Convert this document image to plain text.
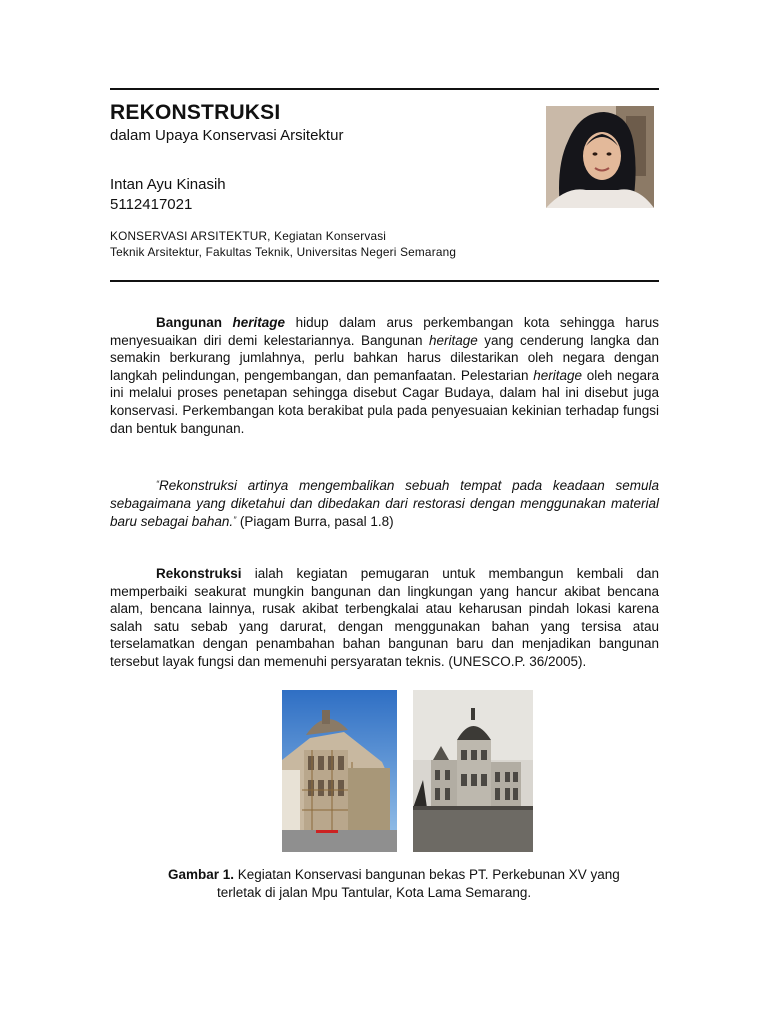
REKONSTRUKSI
dalam Upaya Konservasi Arsitektur
Intan Ayu Kinasih
5112417021
KONSERVASI ARSITEKTUR, Kegiatan Konservasi
Teknik Arsitektur, Fakultas Teknik, Universitas Negeri Semarang
Bangunan heritage hidup dalam arus perkembangan kota sehingga harus menyesuaikan diri demi kelestariannya. Bangunan heritage yang cenderung langka dan semakin berkurang jumlahnya, perlu bahkan harus dilestarikan oleh negara dengan langkah pelindungan, pengembangan, dan pemanfaatan. Pelestarian heritage oleh negara ini melalui proses penetapan sehingga disebut Cagar Budaya, dalam hal ini disebut juga konservasi. Perkembangan kota berakibat pula pada penyesuaian kekinian terhadap fungsi dan bentuk bangunan.
“Rekonstruksi artinya mengembalikan sebuah tempat pada keadaan semula sebagaimana yang diketahui dan dibedakan dari restorasi dengan menggunakan material baru sebagai bahan.” (Piagam Burra, pasal 1.8)
Rekonstruksi ialah kegiatan pemugaran untuk membangun kembali dan memperbaiki seakurat mungkin bangunan dan lingkungan yang hancur akibat bencana alam, bencana lainnya, rusak akibat terbengkalai atau keharusan pindah lokasi karena salah satu sebab yang darurat, dengan menggunakan bahan yang tersisa atau terselamatkan dengan penambahan bahan bangunan baru dan menjadikan bangunan tersebut layak fungsi dan memenuhi persyaratan teknis. (UNESCO.P. 36/2005).
Gambar 1. Kegiatan Konservasi bangunan bekas PT. Perkebunan XV yang
terletak di jalan Mpu Tantular, Kota Lama Semarang.
